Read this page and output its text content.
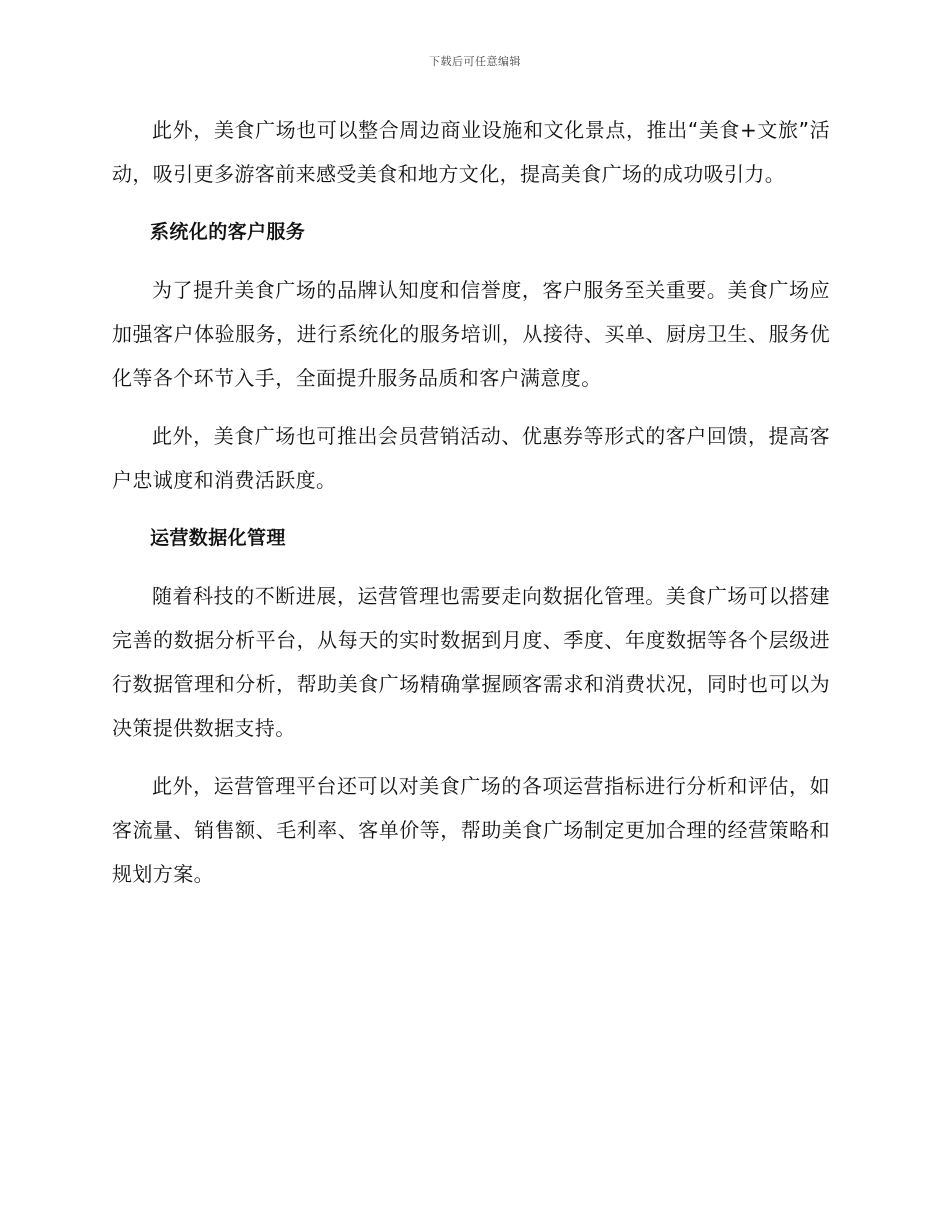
下载后可任意编辑

此外，美食广场也可以整合周边商业设施和文化景点，推出“美食+文旅”活动，吸引更多游客前来感受美食和地方文化，提高美食广场的成功吸引力。

系统化的客户服务

为了提升美食广场的品牌认知度和信誉度，客户服务至关重要。美食广场应加强客户体验服务，进行系统化的服务培训，从接待、买单、厨房卫生、服务优化等各个环节入手，全面提升服务品质和客户满意度。

此外，美食广场也可推出会员营销活动、优惠券等形式的客户回馈，提高客户忠诚度和消费活跃度。

运营数据化管理

随着科技的不断进展，运营管理也需要走向数据化管理。美食广场可以搭建完善的数据分析平台，从每天的实时数据到月度、季度、年度数据等各个层级进行数据管理和分析，帮助美食广场精确掌握顾客需求和消费状况，同时也可以为决策提供数据支持。

此外，运营管理平台还可以对美食广场的各项运营指标进行分析和评估，如客流量、销售额、毛利率、客单价等，帮助美食广场制定更加合理的经营策略和规划方案。
